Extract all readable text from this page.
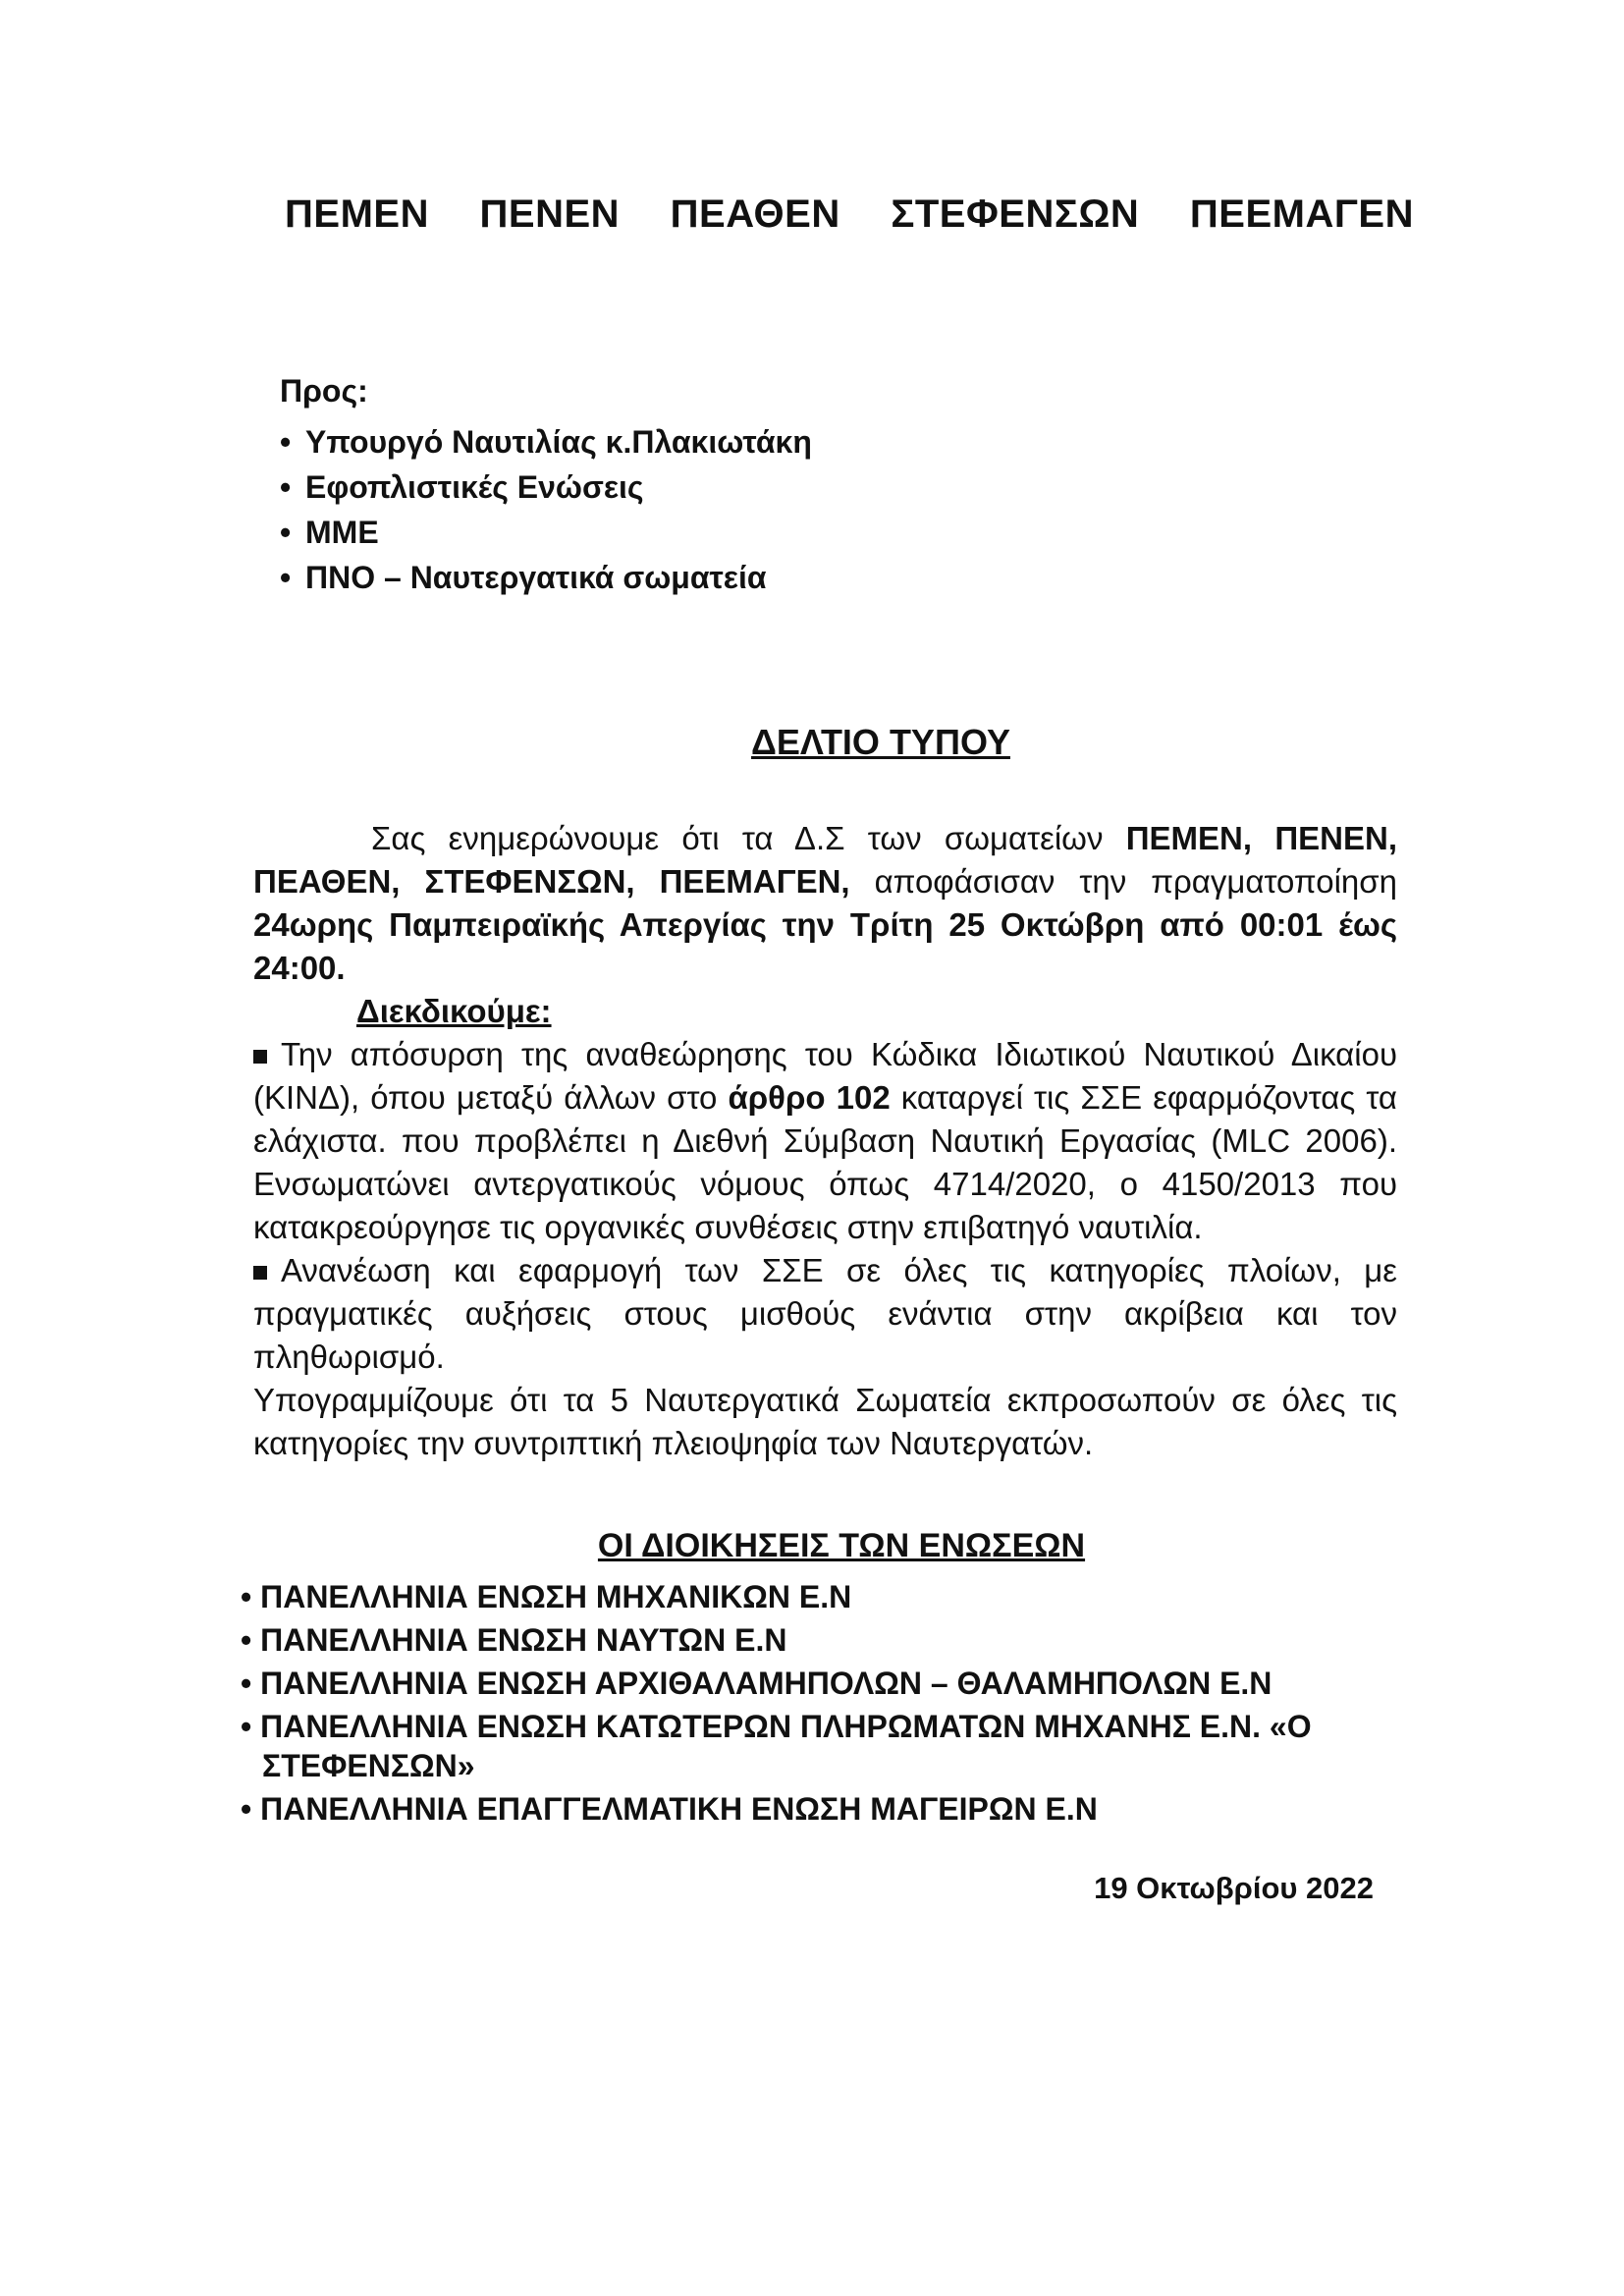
ΠΕΜΕΝ ΠΕΝΕΝ ΠΕΑΘΕΝ ΣΤΕΦΕΝΣΩΝ ΠΕΕΜΑΓΕΝ
Προς:
• Υπουργό Ναυτιλίας κ.Πλακιωτάκη
• Εφοπλιστικές Ενώσεις
• ΜΜΕ
• ΠΝΟ – Ναυτεργατικά σωματεία
ΔΕΛΤΙΟ ΤΥΠΟΥ

Σας ενημερώνουμε ότι τα Δ.Σ των σωματείων ΠΕΜΕΝ, ΠΕΝΕΝ, ΠΕΑΘΕΝ, ΣΤΕΦΕΝΣΩΝ, ΠΕΕΜΑΓΕΝ, αποφάσισαν την πραγματοποίηση 24ωρης Παμπειραϊκής Απεργίας την Τρίτη 25 Οκτώβρη από 00:01 έως 24:00.

Διεκδικούμε:

Την απόσυρση της αναθεώρησης του Κώδικα Ιδιωτικού Ναυτικού Δικαίου (ΚΙΝΔ), όπου μεταξύ άλλων στο άρθρο 102 καταργεί τις ΣΣΕ εφαρμόζοντας τα ελάχιστα. που προβλέπει η Διεθνή Σύμβαση Ναυτική Εργασίας (MLC 2006). Ενσωματώνει αντεργατικούς νόμους όπως 4714/2020, ο 4150/2013 που κατακρεούργησε τις οργανικές συνθέσεις στην επιβατηγό ναυτιλία.

Ανανέωση και εφαρμογή των ΣΣΕ σε όλες τις κατηγορίες πλοίων, με πραγματικές αυξήσεις στους μισθούς ενάντια στην ακρίβεια και τον πληθωρισμό.

Υπογραμμίζουμε ότι τα 5 Ναυτεργατικά Σωματεία εκπροσωπούν σε όλες τις κατηγορίες την συντριπτική πλειοψηφία των Ναυτεργατών.

ΟΙ ΔΙΟΙΚΗΣΕΙΣ ΤΩΝ ΕΝΩΣΕΩΝ
• ΠΑΝΕΛΛΗΝΙΑ ΕΝΩΣΗ ΜΗΧΑΝΙΚΩΝ Ε.Ν
• ΠΑΝΕΛΛΗΝΙΑ ΕΝΩΣΗ ΝΑΥΤΩΝ Ε.Ν
• ΠΑΝΕΛΛΗΝΙΑ ΕΝΩΣΗ ΑΡΧΙΘΑΛΑΜΗΠΟΛΩΝ – ΘΑΛΑΜΗΠΟΛΩΝ Ε.Ν
• ΠΑΝΕΛΛΗΝΙΑ ΕΝΩΣΗ ΚΑΤΩΤΕΡΩΝ ΠΛΗΡΩΜΑΤΩΝ ΜΗΧΑΝΗΣ Ε.Ν. «Ο ΣΤΕΦΕΝΣΩΝ»
• ΠΑΝΕΛΛΗΝΙΑ ΕΠΑΓΓΕΛΜΑΤΙΚΗ ΕΝΩΣΗ ΜΑΓΕΙΡΩΝ Ε.Ν
19 Οκτωβρίου 2022
